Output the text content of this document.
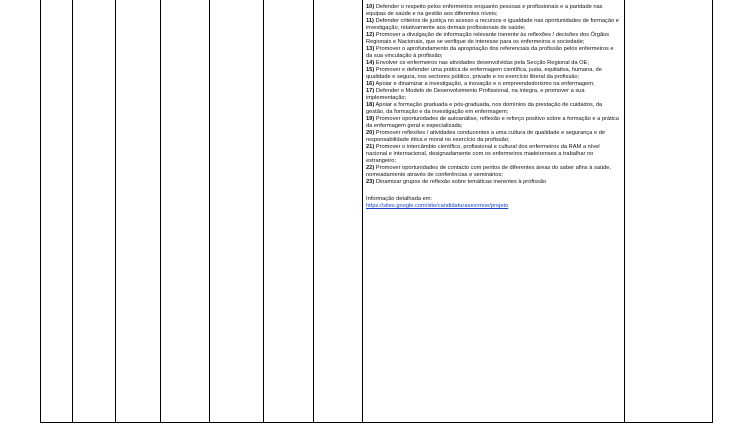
10) Defender o respeito pelos enfermeiros enquanto pessoas e profissionais e a paridade nas equipas de saúde e na gestão aos diferentes níveis;
11) Defender critérios de justiça no acesso a recursos e igualdade nas oportunidades de formação e investigação, relativamente aos demais profissionais de saúde;
12) Promover a divulgação de informação relevante inerente às reflexões / decisões dos Órgãos Regionais e Nacionais, que se verifique de interesse para os enfermeiros e sociedade;
13) Promover o aprofundamento da apropriação dos referenciais da profissão pelos enfermeiros e da sua vinculação à profissão;
14) Envolver os enfermeiros nas atividades desenvolvidas pela Secção Regional da OE;
15) Promover e defender uma prática de enfermagem científica, justa, equitativa, humana, de qualidade e segura, nos sectores público, privado e no exercício liberal da profissão;
16) Apoiar e dinamizar a investigação, a inovação e o empreendedorismo na enfermagem;
17) Defender o Modelo de Desenvolvimento Profissional, na íntegra, e promover a sua implementação;
18) Apoiar a formação graduada e pós-graduada, nos domínios da prestação de cuidados, da gestão, da formação e da investigação em enfermagem;
19) Promover oportunidades de autoanálise, reflexão e reforço positivo sobre a formação e a prática da enfermagem geral e especializada;
20) Promover reflexões / atividades conducentes a uma cultura de qualidade e segurança e de responsabilidade ética e moral no exercício da profissão;
21) Promover o intercâmbio científico, profissional e cultural dos enfermeiros da RAM a nível nacional e internacional, designadamente com os enfermeiros madeirenses a trabalhar no estrangeiro;
22) Promover oportunidades de contacto com peritos de diferentes áreas do saber afins à saúde, nomeadamente através de conferências e seminários;
23) Dinamizar grupos de reflexão sobre temáticas inerentes à profissão
Informação detalhada em:
https://sites.google.com/site/candidaturasesrmoe/projeto
